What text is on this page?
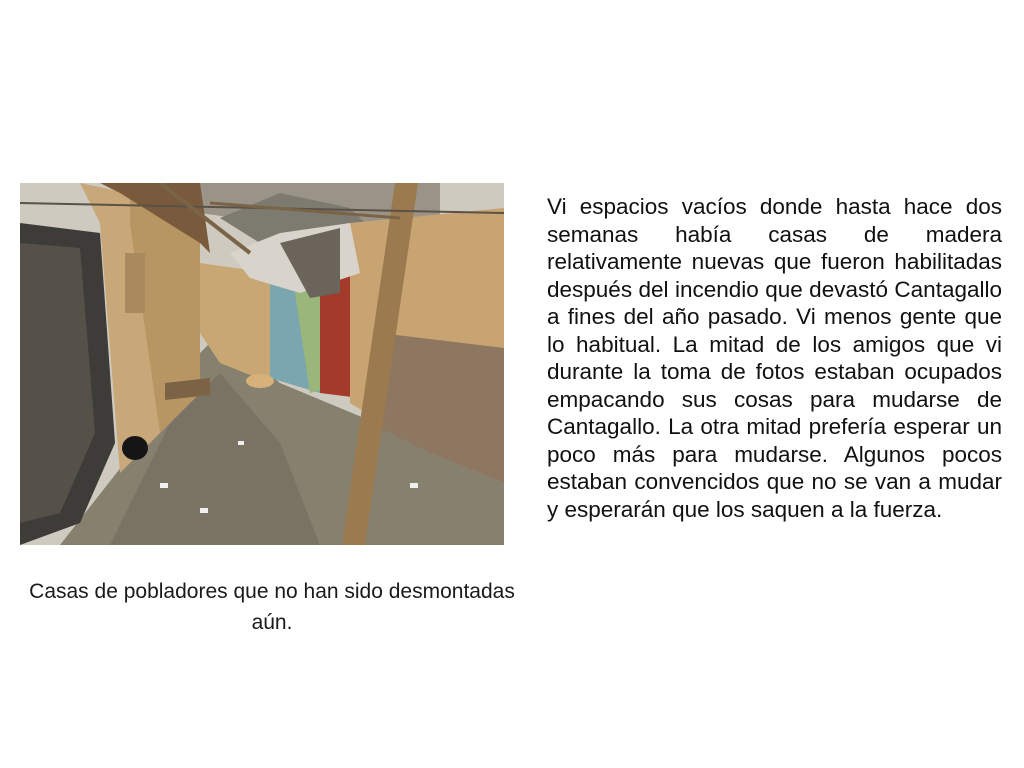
Casas de pobladores que no han sido desmontadas aún.

Vi espacios vacíos donde hasta hace dos semanas había casas de madera relativamente nuevas que fueron habilitadas después del incendio que devastó Cantagallo a fines del año pasado. Vi menos gente que lo habitual. La mitad de los amigos que vi durante la toma de fotos estaban ocupados empacando sus cosas para mudarse de Cantagallo. La otra mitad prefería esperar un poco más para mudarse. Algunos pocos estaban convencidos que no se van a mudar y esperarán que los saquen a la fuerza.
